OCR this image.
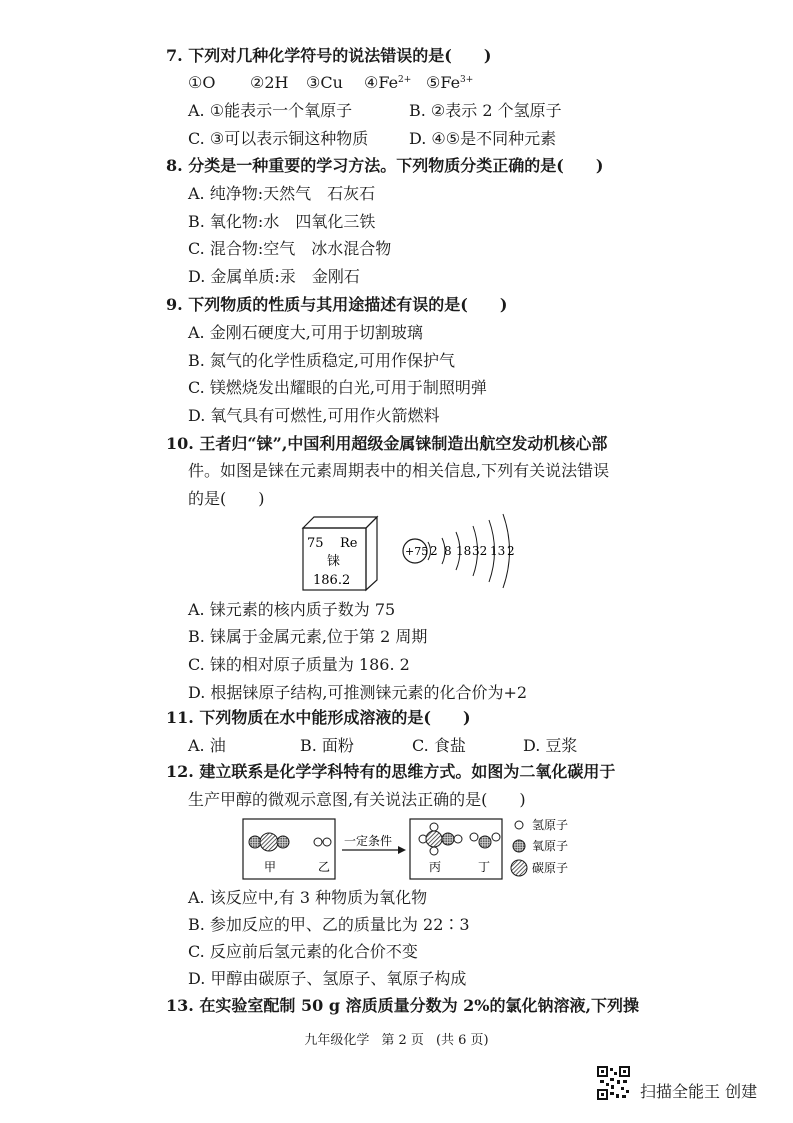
7. 下列对几种化学符号的说法错误的是(　　)
①O ②2H ③Cu $④Fe^{2+}$ $⑤Fe^{3+}$
A. ①能表示一个氧原子	B. ②表示 2 个氢原子
C. ③可以表示铜这种物质	D. ④⑤是不同种元素
8. 分类是一种重要的学习方法。下列物质分类正确的是(　　)
A. 纯净物:天然气　石灰石
B. 氧化物:水　四氧化三铁
C. 混合物:空气　冰水混合物
D. 金属单质:汞　金刚石
9. 下列物质的性质与其用途描述有误的是(　　)
A. 金刚石硬度大,可用于切割玻璃
B. 氮气的化学性质稳定,可用作保护气
C. 镁燃烧发出耀眼的白光,可用于制照明弹
D. 氧气具有可燃性,可用作火箭燃料
10. 王者归“铼”,中国利用超级金属铼制造出航空发动机核心部
件。如图是铼在元素周期表中的相关信息,下列有关说法错误
的是(　　)
75 Re
铼
186.2
+75 2 8 18 32 13 2
A. 铼元素的核内质子数为 75
B. 铼属于金属元素,位于第 2 周期
C. 铼的相对原子质量为 186. 2
D. 根据铼原子结构,可推测铼元素的化合价为+2
11. 下列物质在水中能形成溶液的是(　　)
A. 油	B. 面粉	C. 食盐	D. 豆浆
12. 建立联系是化学学科特有的思维方式。如图为二氧化碳用于
生产甲醇的微观示意图,有关说法正确的是(　　)
甲	乙
一定条件
丙	丁
氢原子
氧原子
碳原子
A. 该反应中,有 3 种物质为氧化物
B. 参加反应的甲、乙的质量比为 22∶3
C. 反应前后氢元素的化合价不变
D. 甲醇由碳原子、氢原子、氧原子构成
13. 在实验室配制 50 g 溶质质量分数为 2%的氯化钠溶液,下列操
九年级化学 第 2 页 (共 6 页)
扫描全能王 创建
